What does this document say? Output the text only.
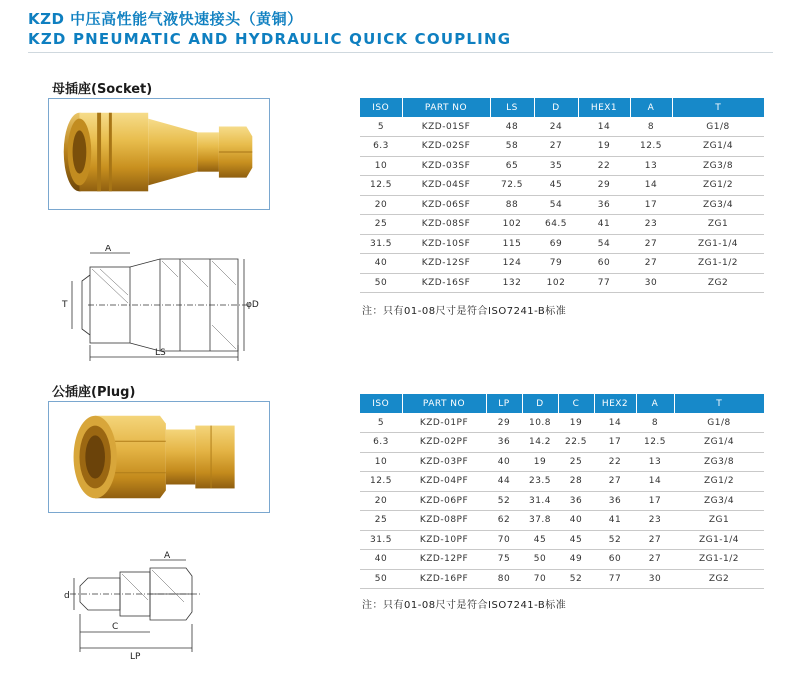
KZD 中压高性能气液快速接头（黄铜）
KZD PNEUMATIC AND HYDRAULIC QUICK COUPLING
母插座(Socket)
A
T	φD
LS
ISO	PART NO	LS	D	HEX1	A	T
5	KZD-01SF	48	24	14	8	G1/8
6.3	KZD-02SF	58	27	19	12.5	ZG1/4
10	KZD-03SF	65	35	22	13	ZG3/8
12.5	KZD-04SF	72.5	45	29	14	ZG1/2
20	KZD-06SF	88	54	36	17	ZG3/4
25	KZD-08SF	102	64.5	41	23	ZG1
31.5	KZD-10SF	115	69	54	27	ZG1-1/4
40	KZD-12SF	124	79	60	27	ZG1-1/2
50	KZD-16SF	132	102	77	30	ZG2
注：只有01-08尺寸是符合ISO7241-B标准
公插座(Plug)
A
d
C
LP
ISO	PART NO	LP	D	C	HEX2	A	T
5	KZD-01PF	29	10.8	19	14	8	G1/8
6.3	KZD-02PF	36	14.2	22.5	17	12.5	ZG1/4
10	KZD-03PF	40	19	25	22	13	ZG3/8
12.5	KZD-04PF	44	23.5	28	27	14	ZG1/2
20	KZD-06PF	52	31.4	36	36	17	ZG3/4
25	KZD-08PF	62	37.8	40	41	23	ZG1
31.5	KZD-10PF	70	45	45	52	27	ZG1-1/4
40	KZD-12PF	75	50	49	60	27	ZG1-1/2
50	KZD-16PF	80	70	52	77	30	ZG2
注：只有01-08尺寸是符合ISO7241-B标准
